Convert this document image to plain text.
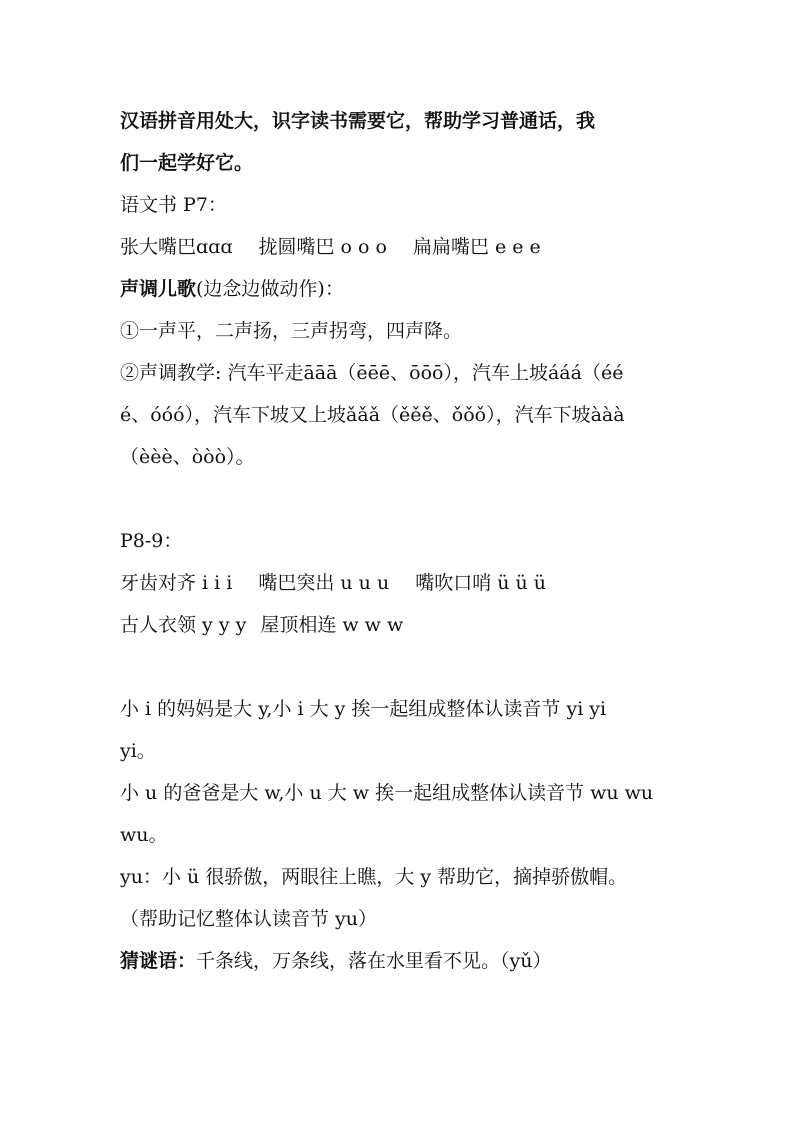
汉语拼音用处大，识字读书需要它，帮助学习普通话，我
们一起学好它。
语文书 P7：
张大嘴巴ɑɑɑ 拢圆嘴巴 o o o 扁扁嘴巴 e e e
声调儿歌(边念边做动作)：
①一声平，二声扬，三声拐弯，四声降。
②声调教学: 汽车平走āāā（ēēē、ōōō），汽车上坡ááá（éé
é、óóó），汽车下坡又上坡ǎǎǎ（ěěě、ǒǒǒ），汽车下坡ààà
（èèè、òòò）。
P8-9：
牙齿对齐 i i i 嘴巴突出 u u u 嘴吹口哨 ü ü ü
古人衣领 y y y 屋顶相连 w w w
小 i 的妈妈是大 y,小 i 大 y 挨一起组成整体认读音节 yi yi
yi。
小 u 的爸爸是大 w,小 u 大 w 挨一起组成整体认读音节 wu wu
wu。
yu：小 ü 很骄傲，两眼往上瞧，大 y 帮助它，摘掉骄傲帽。
（帮助记忆整体认读音节 yu）
猜谜语：千条线，万条线，落在水里看不见。（yǔ）
